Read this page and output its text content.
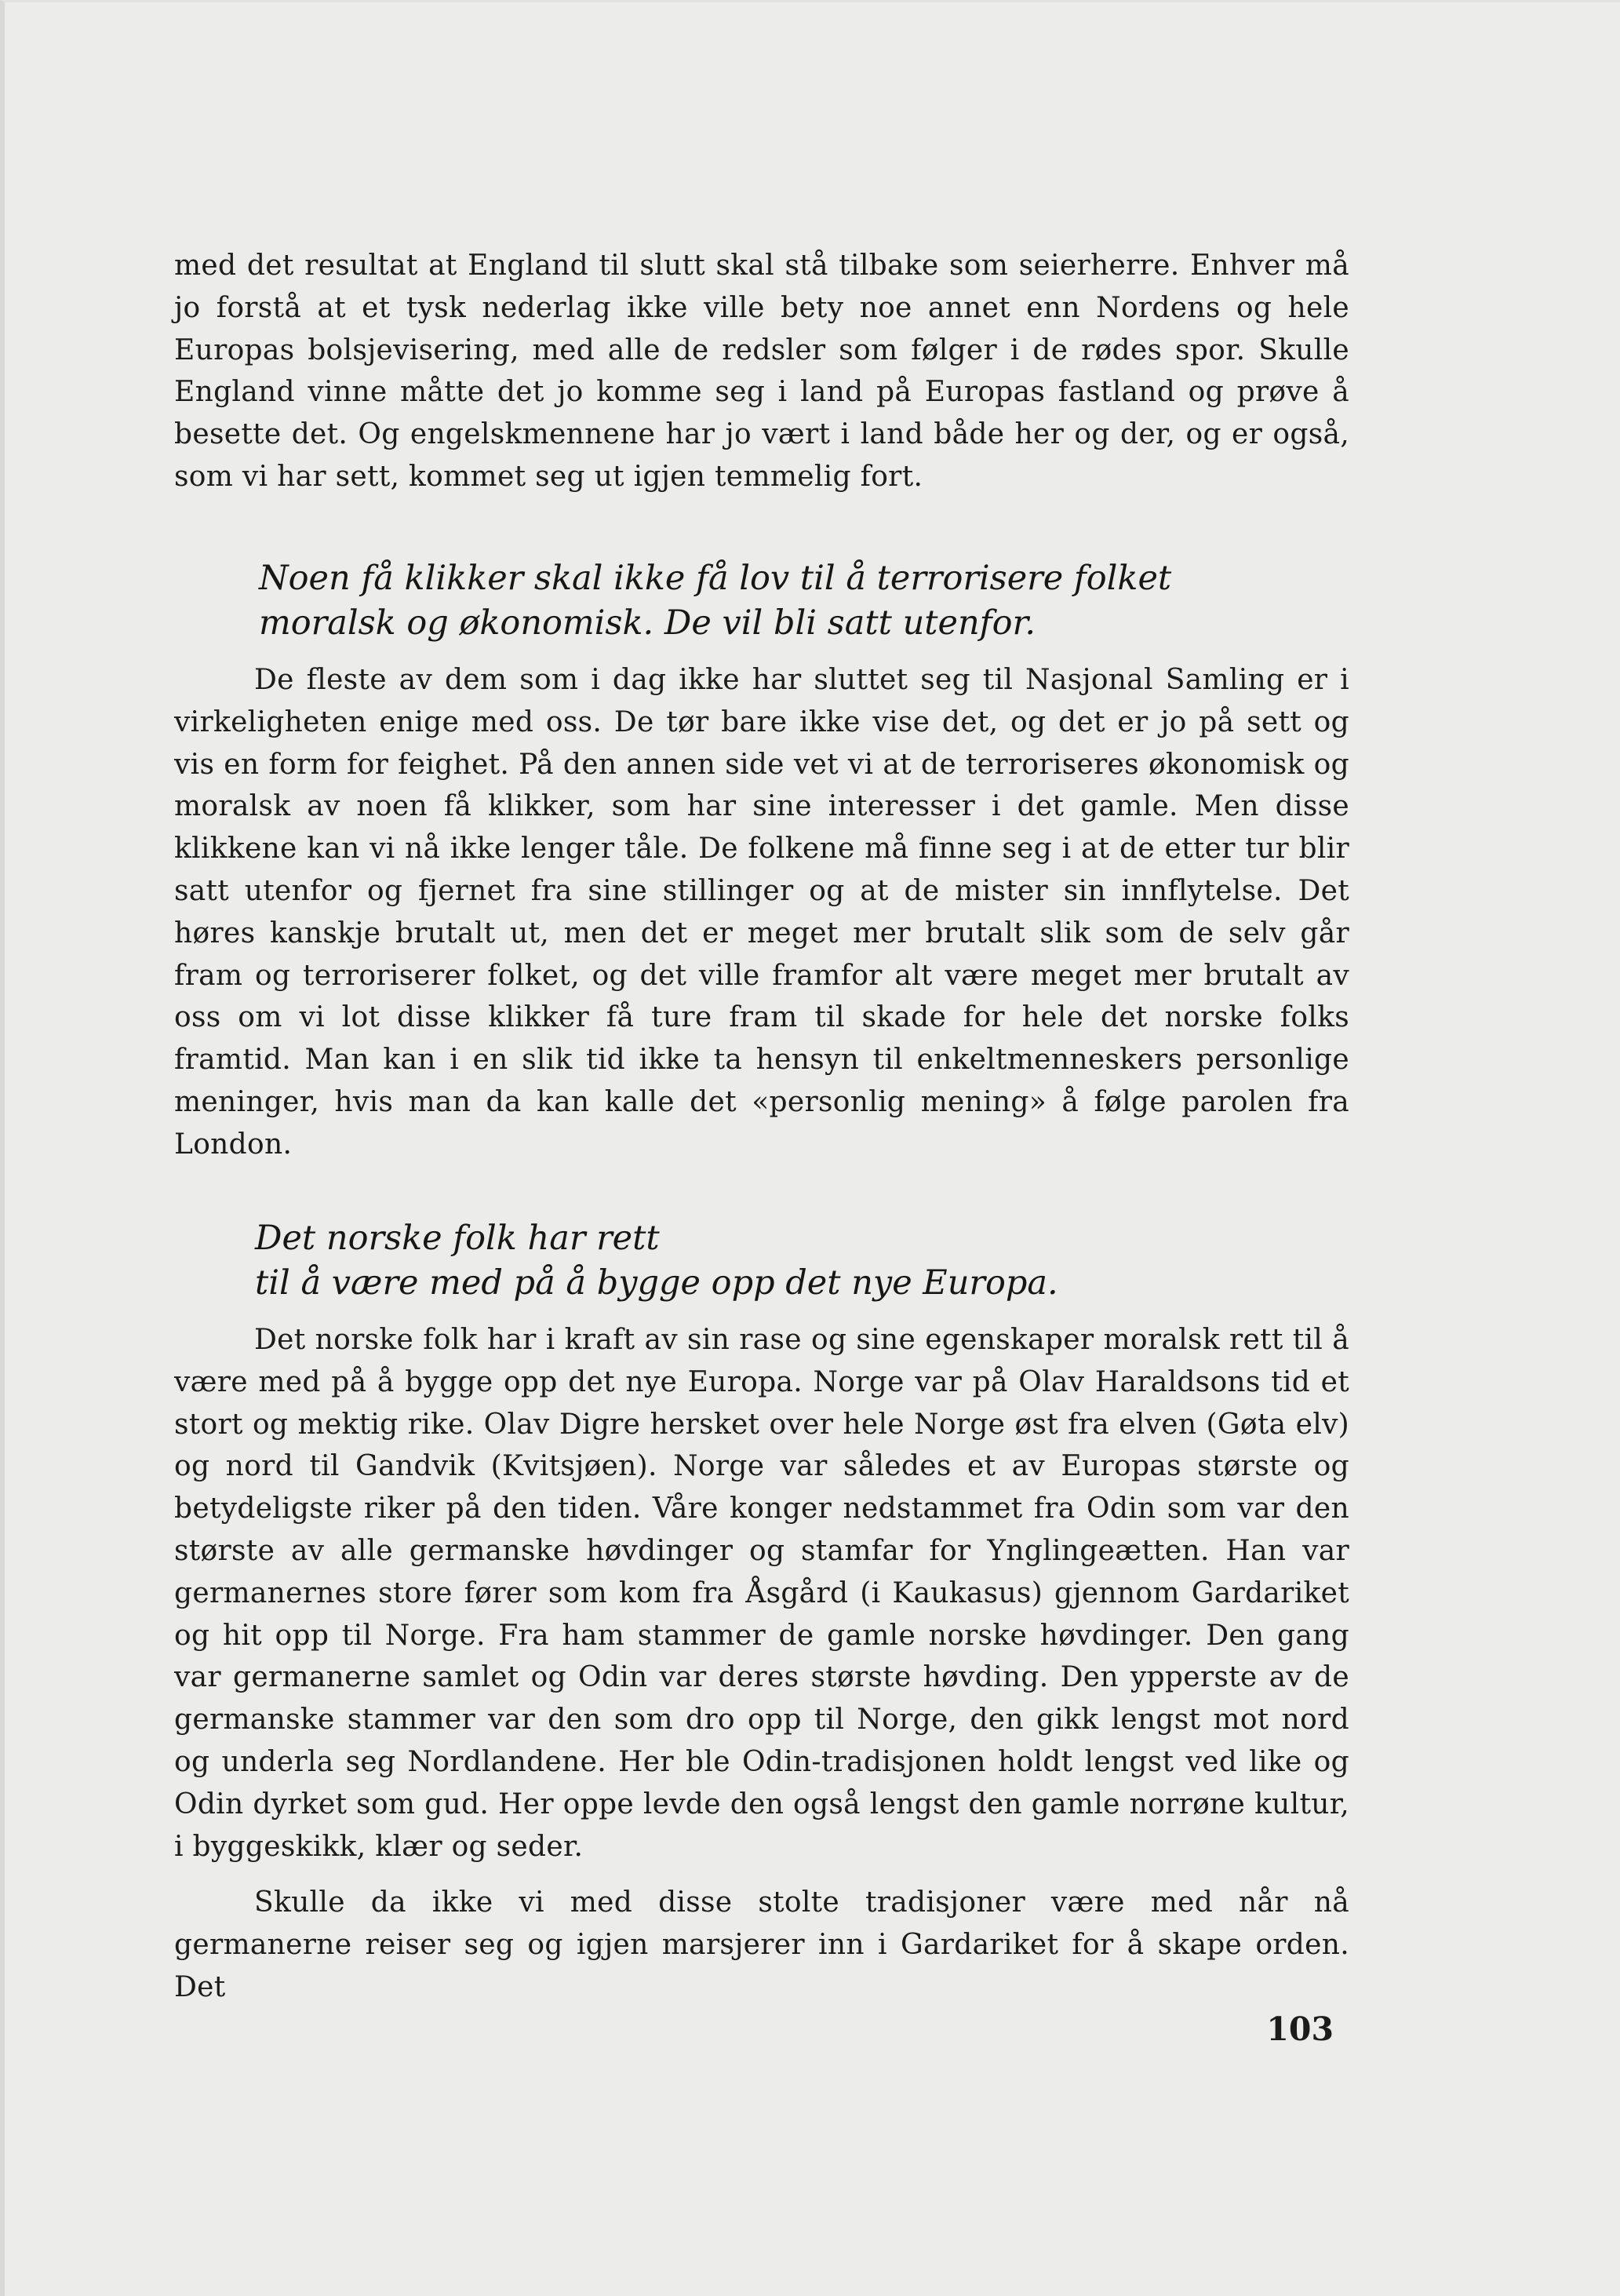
med det resultat at England til slutt skal stå tilbake som seierherre. Enhver må jo forstå at et tysk nederlag ikke ville bety noe annet enn Nordens og hele Europas bolsjevisering, med alle de redsler som følger i de rødes spor. Skulle England vinne måtte det jo komme seg i land på Europas fastland og prøve å besette det. Og engelskmennene har jo vært i land både her og der, og er også, som vi har sett, kommet seg ut igjen temmelig fort.

Noen få klikker skal ikke få lov til å terrorisere folket

moralsk og økonomisk. De vil bli satt utenfor.

De fleste av dem som i dag ikke har sluttet seg til Nasjonal Samling er i virkeligheten enige med oss. De tør bare ikke vise det, og det er jo på sett og vis en form for feighet. På den annen side vet vi at de terroriseres økonomisk og moralsk av noen få klikker, som har sine interesser i det gamle. Men disse klikkene kan vi nå ikke lenger tåle. De folkene må finne seg i at de etter tur blir satt utenfor og fjernet fra sine stillinger og at de mister sin innflytelse. Det høres kanskje brutalt ut, men det er meget mer brutalt slik som de selv går fram og terroriserer folket, og det ville framfor alt være meget mer brutalt av oss om vi lot disse klikker få ture fram til skade for hele det norske folks framtid. Man kan i en slik tid ikke ta hensyn til enkeltmenneskers personlige meninger, hvis man da kan kalle det «personlig mening» å følge parolen fra London.

Det norske folk har rett

til å være med på å bygge opp det nye Europa.

Det norske folk har i kraft av sin rase og sine egenskaper moralsk rett til å være med på å bygge opp det nye Europa. Norge var på Olav Haraldsons tid et stort og mektig rike. Olav Digre hersket over hele Norge øst fra elven (Gøta elv) og nord til Gandvik (Kvitsjøen). Norge var således et av Europas største og betydeligste riker på den tiden. Våre konger nedstammet fra Odin som var den største av alle germanske høvdinger og stamfar for Ynglingeætten. Han var germanernes store fører som kom fra Åsgård (i Kaukasus) gjennom Gardariket og hit opp til Norge. Fra ham stammer de gamle norske høvdinger. Den gang var germanerne samlet og Odin var deres største høvding. Den ypperste av de germanske stammer var den som dro opp til Norge, den gikk lengst mot nord og underla seg Nordlandene. Her ble Odin-tradisjonen holdt lengst ved like og Odin dyrket som gud. Her oppe levde den også lengst den gamle norrøne kultur, i byggeskikk, klær og seder.

Skulle da ikke vi med disse stolte tradisjoner være med når nå germanerne reiser seg og igjen marsjerer inn i Gardariket for å skape orden. Det

103
